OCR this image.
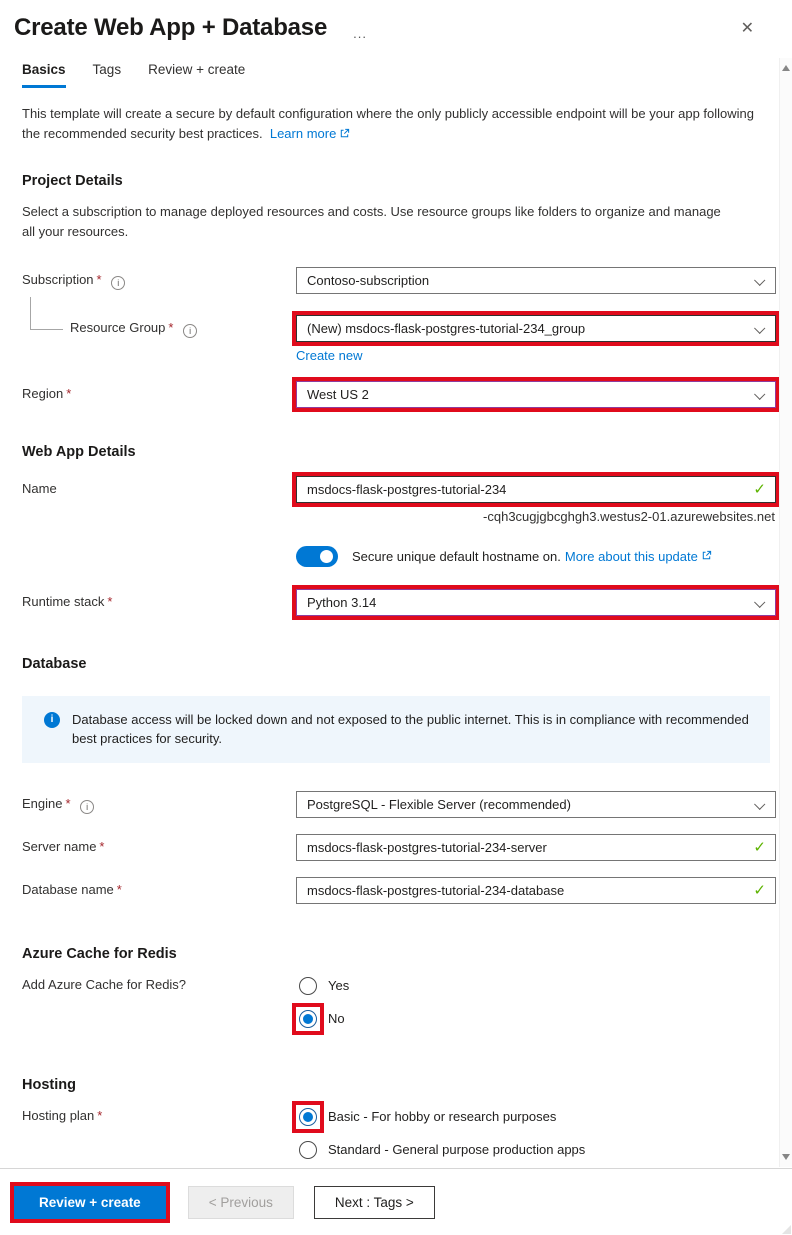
Create Web App + Database ...	✕
Basics Tags Review + create

This template will create a secure by default configuration where the only publicly accessible endpoint will be your app following the recommended security best practices. Learn more

Project Details

Select a subscription to manage deployed resources and costs. Use resource groups like folders to organize and manage all your resources.

Subscription * i	Contoso-subscription
Resource Group * i	(New) msdocs-flask-postgres-tutorial-234_group
Create new
Region *	West US 2
Web App Details
Name
msdocs-flask-postgres-tutorial-234	✓
-cqh3cugjgbcghgh3.westus2-01.azurewebsites.net
Secure unique default hostname on. More about this update
Runtime stack *	Python 3.14
Database
i	Database access will be locked down and not exposed to the public internet. This is in compliance with recommended best practices for security.
Engine * i	PostgreSQL - Flexible Server (recommended)
Server name *
msdocs-flask-postgres-tutorial-234-server	✓
Database name *
msdocs-flask-postgres-tutorial-234-database	✓
Azure Cache for Redis
Add Azure Cache for Redis?	Yes
No
Hosting
Hosting plan *	Basic - For hobby or research purposes
Standard - General purpose production apps
Review + create	< Previous	Next : Tags >
